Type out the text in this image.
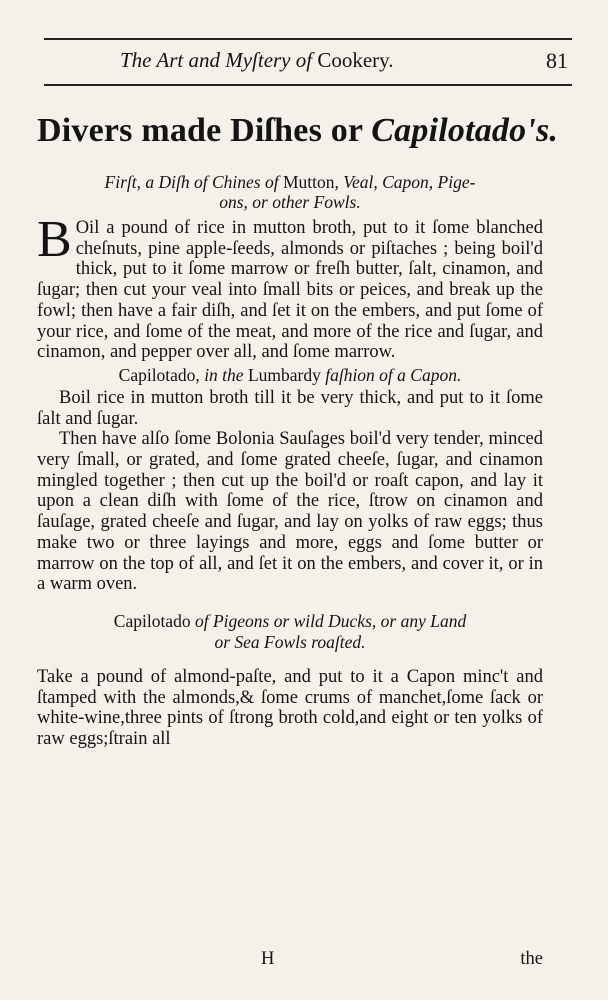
The Art and Myſtery of Cookery.	81
Divers made Diſhes or Capilotado's.
Firſt, a Diſh of Chines of Mutton, Veal, Capon, Pige-
ons, or other Fowls.

B Oil a pound of rice in mutton broth, put to it ſome blanched cheſnuts, pine apple-ſeeds, almonds or piſtaches ; being boil'd thick, put to it ſome marrow or freſh butter, ſalt, cinamon, and ſugar; then cut your veal into ſmall bits or peices, and break up the fowl; then have a fair diſh, and ſet it on the embers, and put ſome of your rice, and ſome of the meat, and more of the rice and ſugar, and cinamon, and pepper over all, and ſome marrow.

Capilotado, in the Lumbardy faſhion of a Capon.

Boil rice in mutton broth till it be very thick, and put to it ſome ſalt and ſugar.

Then have alſo ſome Bolonia Sauſages boil'd very tender, minced very ſmall, or grated, and ſome grated cheeſe, ſugar, and cinamon mingled together ; then cut up the boil'd or roaſt capon, and lay it upon a clean diſh with ſome of the rice, ſtrow on cinamon and ſauſage, grated cheeſe and ſugar, and lay on yolks of raw eggs; thus make two or three layings and more, eggs and ſome butter or marrow on the top of all, and ſet it on the embers, and cover it, or in a warm oven.

Capilotado of Pigeons or wild Ducks, or any Land
or Sea Fowls roaſted.

Take a pound of almond-paſte, and put to it a Capon minc't and ſtamped with the almonds,& ſome crums of manchet,ſome ſack or white-wine,three pints of ſtrong broth cold,and eight or ten yolks of raw eggs;ſtrain all

H	the
